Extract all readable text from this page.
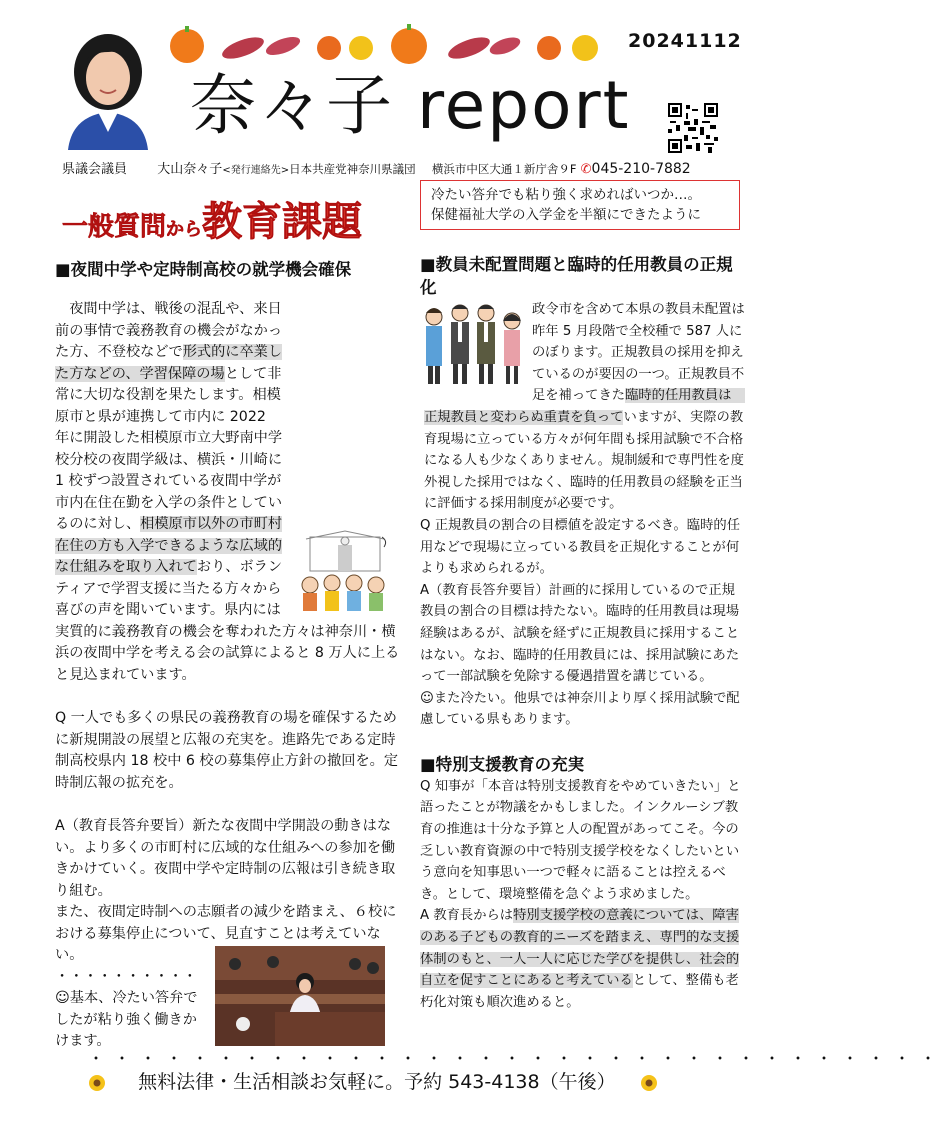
20241112
奈々子 report
県議会議員 大山奈々子<発行連絡先>日本共産党神奈川県議団 横浜市中区大通１新庁舎９F ✆045-210-7882
一般質問から教育課題
冷たい答弁でも粘り強く求めればいつか…。
保健福祉大学の入学金を半額にできたように
■夜間中学や定時制高校の就学機会確保

　夜間中学は、戦後の混乱や、来日前の事情で義務教育の機会がなかった方、不登校などで形式的に卒業した方などの、学習保障の場として非常に大切な役割を果たします。相模原市と県が連携して市内に 2022 年に開設した相模原市立大野南中学校分校の夜間学級は、横浜・川崎に 1 校ずつ設置されている夜間中学が市内在住在勤を入学の条件としているのに対し、相模原市以外の市町村在住の方も入学できるような広域的な仕組みを取り入れており、ボランティアで学習支援に当たる方々から喜びの声を聞いています。県内には実質的に義務教育の機会を奪われた方々は神奈川・横浜の夜間中学を考える会の試算によると 8 万人に上ると見込まれています。

Q 一人でも多くの県民の義務教育の場を確保するために新規開設の展望と広報の充実を。進路先である定時制高校県内 18 校中 6 校の募集停止方針の撤回を。定時制広報の拡充を。

A（教育長答弁要旨）新たな夜間中学開設の動きはない。より多くの市町村に広域的な仕組みへの参加を働きかけていく。夜間中学や定時制の広報は引き続き取り組む。

また、夜間定時制への志願者の減少を踏まえ、６校における募集停止について、見直すことは考えていない。

・・・・・・・・・・

☺基本、冷たい答弁でしたが粘り強く働きかけます。

■教員未配置問題と臨時的任用教員の正規化

政令市を含めて本県の教員未配置は昨年 5 月段階で全校種で 587 人にのぼります。正規教員の採用を抑えているのが要因の一つ。正規教員不足を補ってきた臨時的任用教員は　正規教員と変わらぬ重責を負っていますが、実際の教育現場に立っている方々が何年間も採用試験で不合格になる人も少なくありません。規制緩和で専門性を度外視した採用ではなく、臨時的任用教員の経験を正当に評価する採用制度が必要です。

Q 正規教員の割合の目標値を設定するべき。臨時的任用などで現場に立っている教員を正規化することが何よりも求められるが。

A（教育長答弁要旨）計画的に採用しているので正規教員の割合の目標は持たない。臨時的任用教員は現場経験はあるが、試験を経ずに正規教員に採用することはない。なお、臨時的任用教員には、採用試験にあたって一部試験を免除する優遇措置を講じている。

☺また冷たい。他県では神奈川より厚く採用試験で配慮している県もあります。

■特別支援教育の充実

Q 知事が「本音は特別支援教育をやめていきたい」と語ったことが物議をかもしました。インクルーシブ教育の推進は十分な予算と人の配置があってこそ。今の乏しい教育資源の中で特別支援学校をなくしたいという意向を知事思い一つで軽々に語ることは控えるべき。として、環境整備を急ぐよう求めました。

A 教育長からは特別支援学校の意義については、障害のある子どもの教育的ニーズを踏まえ、専門的な支援体制のもと、一人一人に応じた学びを提供し、社会的自立を促すことにあると考えているとして、整備も老朽化対策も順次進めると。

・・・・・・・・・・・・・・・・・・・・・・・・・・・・・・・・・
無料法律・生活相談お気軽に。予約 543-4138（午後）
